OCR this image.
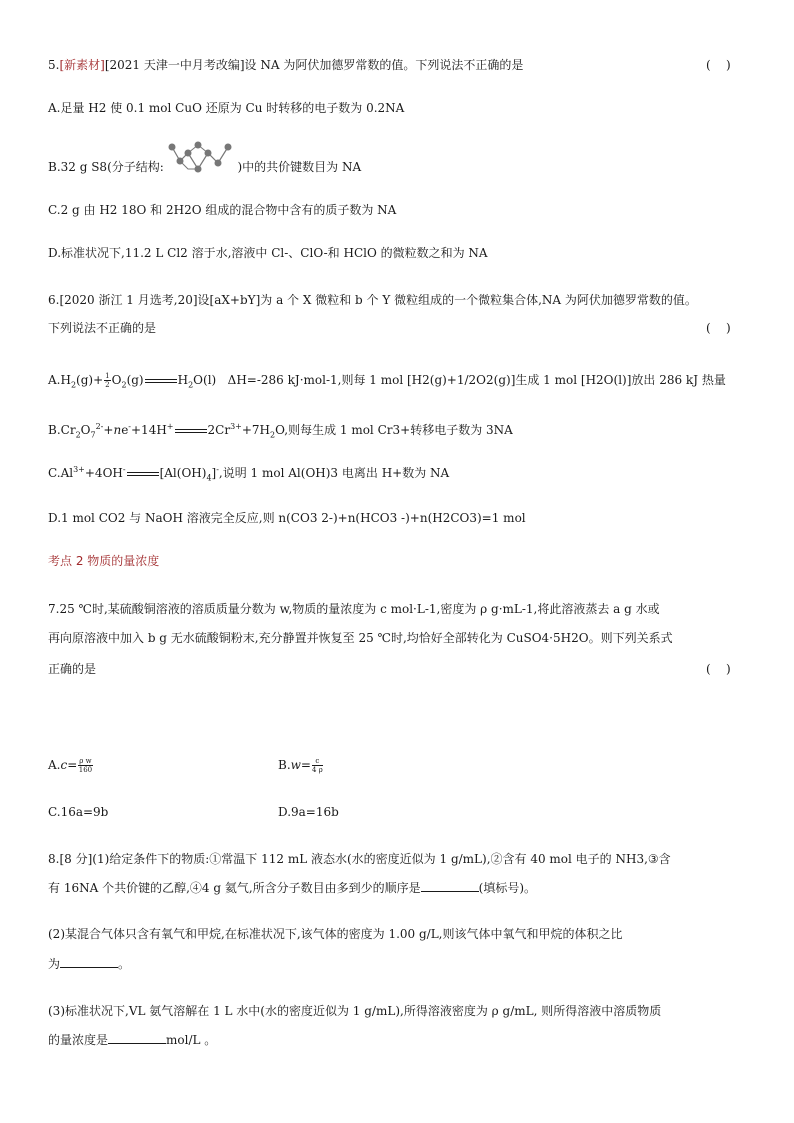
5.[新素材][2021 天津一中月考改编]设 NA 为阿伏加德罗常数的值。下列说法不正确的是	(    )
A.足量 H2 使 0.1 mol CuO 还原为 Cu 时转移的电子数为 0.2NA
B.32 g S8(分子结构:	)中的共价键数目为 NA
C.2 g 由 H2 18O 和 2H2O 组成的混合物中含有的质子数为 NA
D.标准状况下,11.2 L Cl2 溶于水,溶液中 Cl-、ClO-和 HClO 的微粒数之和为 NA
6.[2020 浙江 1 月选考,20]设[aX+bY]为 a 个 X 微粒和 b 个 Y 微粒组成的一个微粒集合体,NA 为阿伏加德罗常数的值。
下列说法不正确的是	(    )
$A.H_2(g)+ \frac{1}{2} O_2(g)$	$H_2O(l)$   ΔH=-286 kJ·mol-1,则每 1 mol [H2(g)+1/2O2(g)]生成 1 mol [H2O(l)]放出 286 kJ 热量
$B.Cr_2O_7^{2-}+ne^-+14H^+$	$2Cr^{3+}+7H_2O$,则每生成 1 mol Cr3+转移电子数为 3NA
$C.Al^{3+}+4OH^-$	$[Al(OH)_4]^-$,说明 1 mol Al(OH)3 电离出 H+数为 NA
D.1 mol CO2 与 NaOH 溶液完全反应,则 n(CO3 2-)+n(HCO3 -)+n(H2CO3)=1 mol
考点 2 物质的量浓度
7.25 ℃时,某硫酸铜溶液的溶质质量分数为 w,物质的量浓度为 c mol·L-1,密度为 ρ g·mL-1,将此溶液蒸去 a g 水或
再向原溶液中加入 b g 无水硫酸铜粉末,充分静置并恢复至 25 ℃时,均恰好全部转化为 CuSO4·5H2O。则下列关系式
正确的是	(    )
$A.c= \frac{\text{ρ w}}{160}$	$B.w= \frac{c}{4 \rho}$
C.16a=9b	D.9a=16b
8.[8 分](1)给定条件下的物质:①常温下 112 mL 液态水(水的密度近似为 1 g/mL),②含有 40 mol 电子的 NH3,③含
有 16NA 个共价键的乙醇,④4 g 氦气,所含分子数目由多到少的顺序是	(填标号)。
(2)某混合气体只含有氧气和甲烷,在标准状况下,该气体的密度为 1.00 g/L,则该气体中氧气和甲烷的体积之比
为	。
(3)标准状况下,VL 氨气溶解在 1 L 水中(水的密度近似为 1 g/mL),所得溶液密度为 ρ g/mL, 则所得溶液中溶质物质
的量浓度是	mol/L 。
